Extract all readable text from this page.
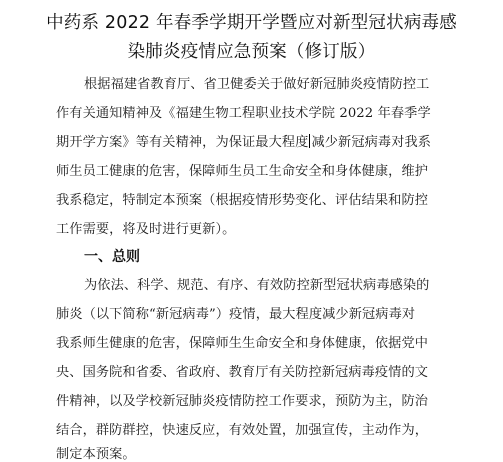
中药系 2022 年春季学期开学暨应对新型冠状病毒感
染肺炎疫情应急预案（修订版）
根据福建省教育厅、省卫健委关于做好新冠肺炎疫情防控工
作有关通知精神及《福建生物工程职业技术学院 2022 年春季学
期开学方案》等有关精神，为保证最大程度 减少新冠病毒对我系
师生员工健康的危害，保障师生员工生命安全和身体健康，维护
我系稳定，特制定本预案（根据疫情形势变化、评估结果和防控
工作需要，将及时进行更新）。
一、总则
为依法、科学、规范、有序、有效防控新型冠状病毒感染的
肺炎（以下简称“新冠病毒”）疫情，最大程度减少新冠病毒对
我系师生健康的危害，保障师生生命安全和身体健康，依据党中
央、国务院和省委、省政府、教育厅有关防控新冠病毒疫情的文
件精神，以及学校新冠肺炎疫情防控工作要求，预防为主，防治
结合，群防群控，快速反应，有效处置，加强宣传，主动作为，
制定本预案。
